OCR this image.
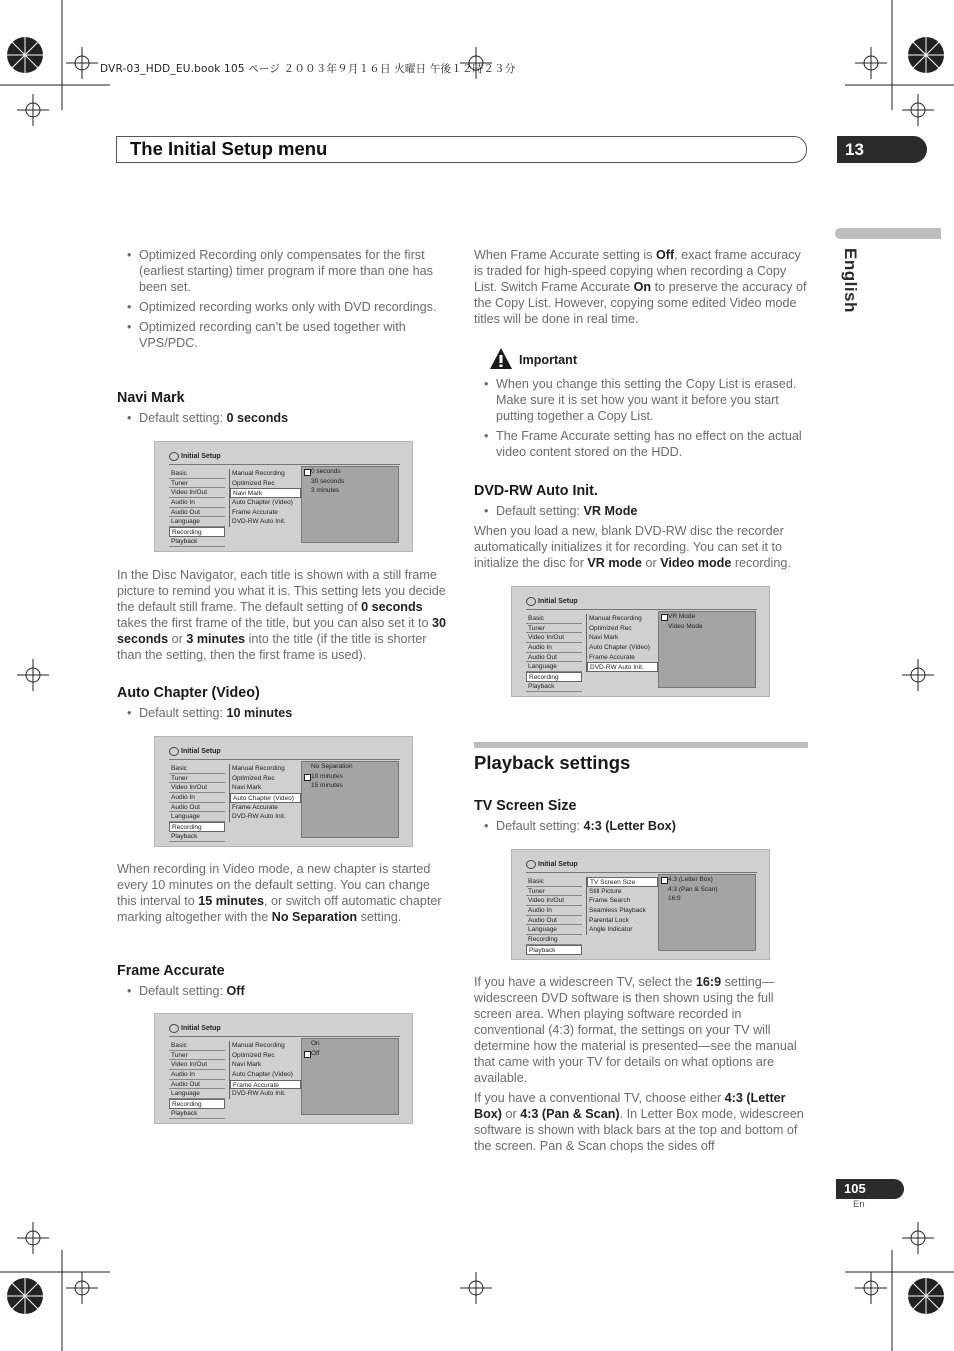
DVR-03_HDD_EU.book 105 ページ ２００３年９月１６日 火曜日 午後１２時２３分
The Initial Setup menu	13
English
• Optimized Recording only compensates for the first (earliest starting) timer program if more than one has been set.
• Optimized recording works only with DVD recordings.
• Optimized recording can’t be used together with VPS/PDC.
Navi Mark
• Default setting: 0 seconds
Initial Setup
Basic
Tuner
Video In/Out
Audio In
Audio Out
Language
Recording
Playback
Manual Recording
Optimized Rec
Navi Mark
Auto Chapter (Video)
Frame Accurate
DVD-RW Auto Init.
0 seconds
30 seconds
3 minutes
In the Disc Navigator, each title is shown with a still frame picture to remind you what it is. This setting lets you decide the default still frame. The default setting of 0 seconds takes the first frame of the title, but you can also set it to 30 seconds or 3 minutes into the title (if the title is shorter than the setting, then the first frame is used).
Auto Chapter (Video)
• Default setting: 10 minutes
Initial Setup
Basic
Tuner
Video In/Out
Audio In
Audio Out
Language
Recording
Playback
Manual Recording
Optimized Rec
Navi Mark
Auto Chapter (Video)
Frame Accurate
DVD-RW Auto Init.
No Separation
10 minutes
15 minutes
When recording in Video mode, a new chapter is started every 10 minutes on the default setting. You can change this interval to 15 minutes, or switch off automatic chapter marking altogether with the No Separation setting.
Frame Accurate
• Default setting: Off
Initial Setup
Basic
Tuner
Video In/Out
Audio In
Audio Out
Language
Recording
Playback
Manual Recording
Optimized Rec
Navi Mark
Auto Chapter (Video)
Frame Accurate
DVD-RW Auto Init.
On
Off
When Frame Accurate setting is Off, exact frame accuracy is traded for high-speed copying when recording a Copy List. Switch Frame Accurate On to preserve the accuracy of the Copy List. However, copying some edited Video mode titles will be done in real time.
Important
• When you change this setting the Copy List is erased. Make sure it is set how you want it before you start putting together a Copy List.
• The Frame Accurate setting has no effect on the actual video content stored on the HDD.
DVD-RW Auto Init.
• Default setting: VR Mode
When you load a new, blank DVD-RW disc the recorder automatically initializes it for recording. You can set it to initialize the disc for VR mode or Video mode recording.
Initial Setup
Basic
Tuner
Video In/Out
Audio In
Audio Out
Language
Recording
Playback
Manual Recording
Optimized Rec
Navi Mark
Auto Chapter (Video)
Frame Accurate
DVD-RW Auto Init.
VR Mode
Video Mode
Playback settings
TV Screen Size
• Default setting: 4:3 (Letter Box)
Initial Setup
Basic
Tuner
Video In/Out
Audio In
Audio Out
Language
Recording
Playback
TV Screen Size
Still Picture
Frame Search
Seamless Playback
Parental Lock
Angle Indicator
4:3 (Letter Box)
4:3 (Pan & Scan)
16:9
If you have a widescreen TV, select the 16:9 setting—widescreen DVD software is then shown using the full screen area. When playing software recorded in conventional (4:3) format, the settings on your TV will determine how the material is presented—see the manual that came with your TV for details on what options are available.
If you have a conventional TV, choose either 4:3 (Letter Box) or 4:3 (Pan & Scan). In Letter Box mode, widescreen software is shown with black bars at the top and bottom of the screen. Pan & Scan chops the sides off
105
En
